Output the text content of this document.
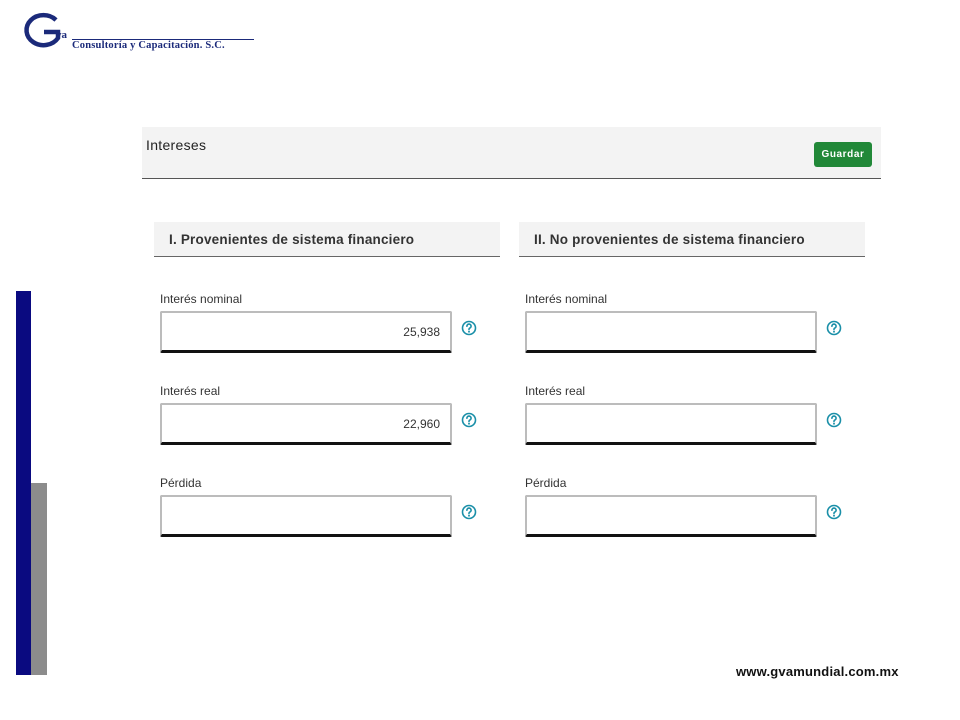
va
Consultoría y Capacitación. S.C.
Intereses
Guardar
I. Provenientes de sistema financiero
Interés nominal
25,938
Interés real
22,960
Pérdida
II. No provenientes de sistema financiero
Interés nominal
Interés real
Pérdida
www.gvamundial.com.mx
